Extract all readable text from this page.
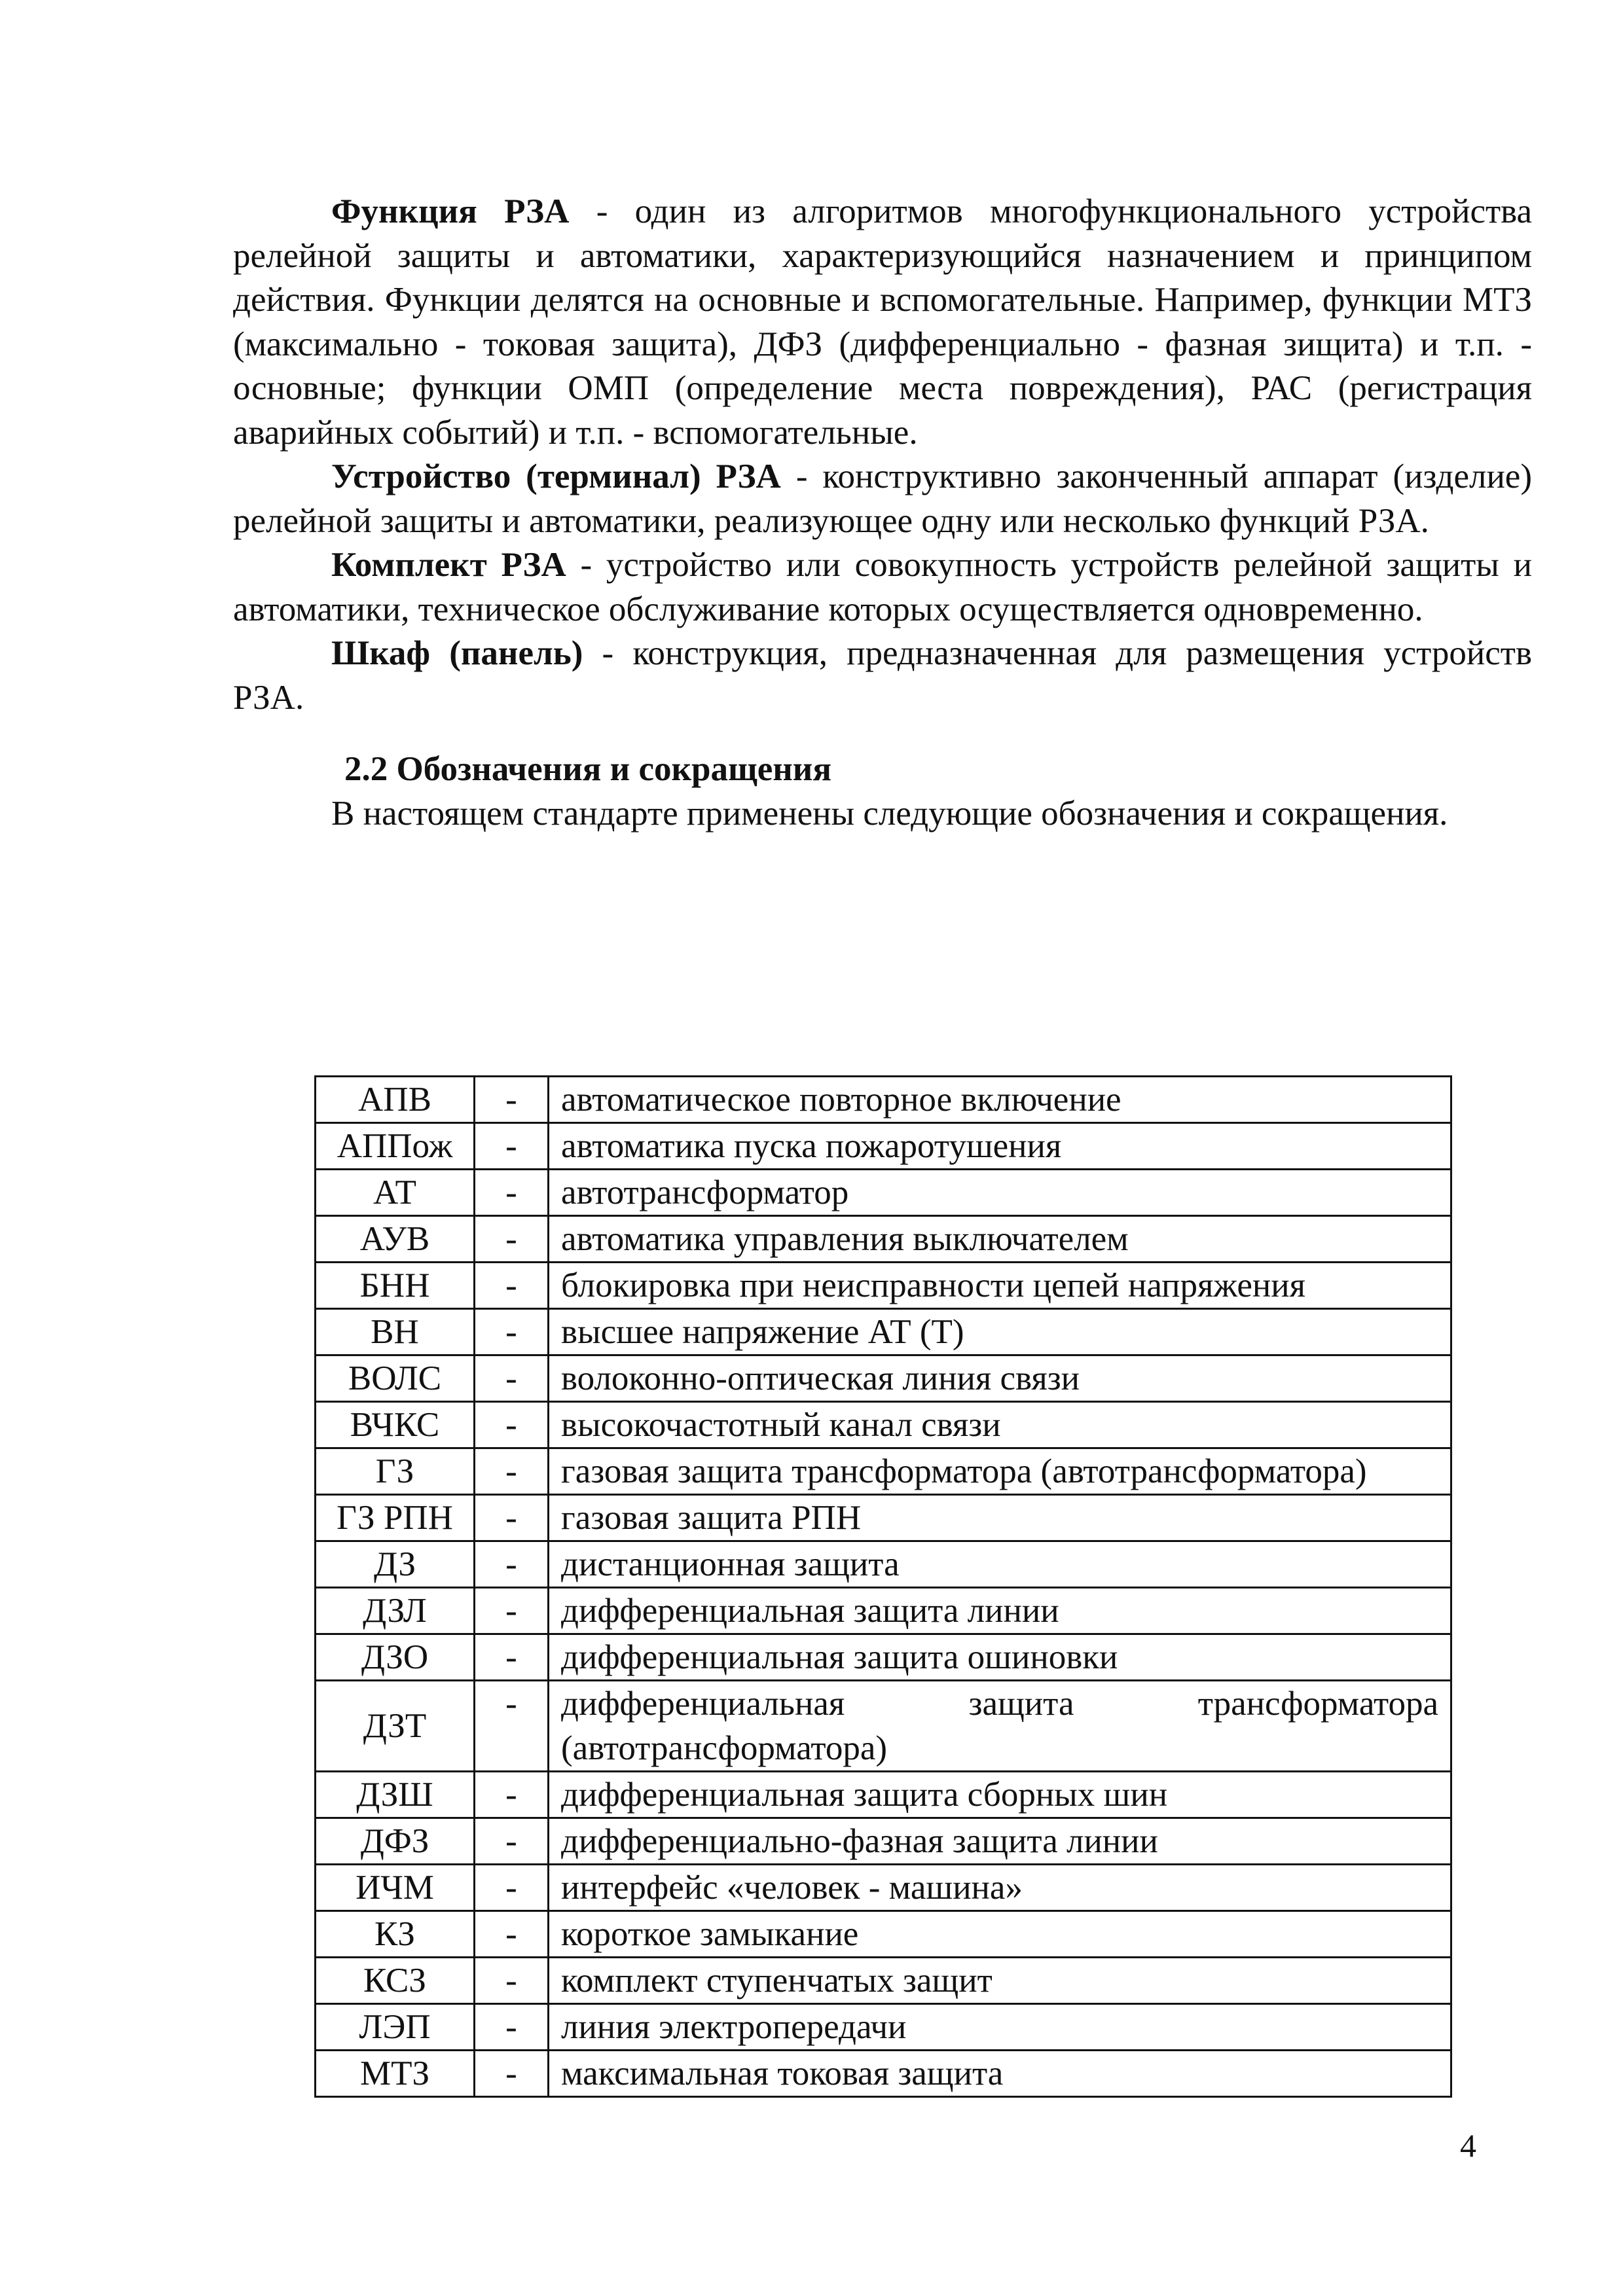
Функция РЗА - один из алгоритмов многофункционального устройства релейной защиты и автоматики, характеризующийся назначением и принципом действия. Функции делятся на основные и вспомогательные. Например, функции МТЗ (максимально - токовая защита), ДФЗ (дифференциально - фазная зищита) и т.п. - основные; функции ОМП (определение места повреждения), РАС (регистрация аварийных событий) и т.п. - вспомогательные.

Устройство (терминал) РЗА - конструктивно законченный аппарат (изделие) релейной защиты и автоматики, реализующее одну или несколько функций РЗА.

Комплект РЗА - устройство или совокупность устройств релейной защиты и автоматики, техническое обслуживание которых осуществляется одновременно.

Шкаф (панель) - конструкция, предназначенная для размещения устройств РЗА.

2.2 Обозначения и сокращения

В настоящем стандарте применены следующие обозначения и сокращения.

АПВ	-	автоматическое повторное включение
АППож	-	автоматика пуска пожаротушения
АТ	-	автотрансформатор
АУВ	-	автоматика управления выключателем
БНН	-	блокировка при неисправности цепей напряжения
ВН	-	высшее напряжение АТ (Т)
ВОЛС	-	волоконно-оптическая линия связи
ВЧКС	-	высокочастотный канал связи
ГЗ	-	газовая защита трансформатора (автотрансформатора)
ГЗ РПН	-	газовая защита РПН
ДЗ	-	дистанционная защита
ДЗЛ	-	дифференциальная защита линии
ДЗО	-	дифференциальная защита ошиновки
ДЗТ	-	дифференциальная защита трансформатора (автотрансформатора)
ДЗШ	-	дифференциальная защита сборных шин
ДФЗ	-	дифференциально-фазная защита линии
ИЧМ	-	интерфейс «человек - машина»
КЗ	-	короткое замыкание
КСЗ	-	комплект ступенчатых защит
ЛЭП	-	линия электропередачи
МТЗ	-	максимальная токовая защита
4
